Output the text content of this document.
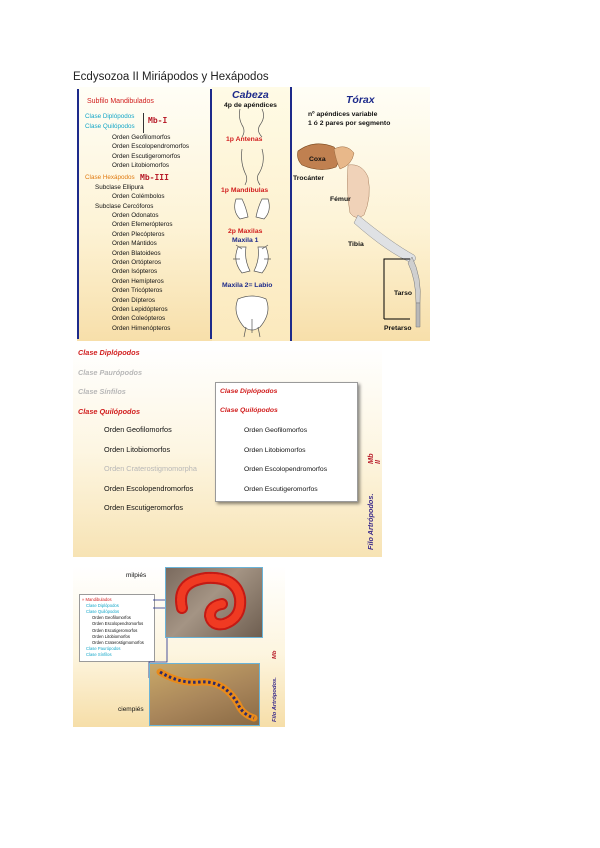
Ecdysozoa II Miriápodos y Hexápodos
Subfilo Mandibulados
Clase Diplópodos
Clase Quilópodos
Mb-I
Orden Geofilomorfos
Orden Escolopendromorfos
Orden Escutigeromorfos
Orden Litobiomorfos
Clase Hexápodos Mb-III
Subclase Ellipura
Orden Colémbolos
Subclase Cercóforos
Orden Odonatos
Orden Efemerópteros
Orden Plecópteros
Orden Mántidos
Orden Blatoideos
Orden Ortópteros
Orden Isópteros
Orden Hemípteros
Orden Tricópteros
Orden Dípteros
Orden Lepidópteros
Orden Coleópteros
Orden Himenópteros
Cabeza
4p de apéndices
1p Antenas
1p Mandíbulas
2p Maxilas
Maxila 1
Maxila 2= Labio
Tórax
nº apéndices variable
1 ó 2 pares por segmento
Coxa
Trocánter
Fémur
Tibia
Tarso
Pretarso
Clase Diplópodos
Clase Paurópodos
Clase Sínfilos
Clase Quilópodos
Orden Geofilomorfos
Orden Litobiomorfos
Orden Craterostigmomorpha
Orden Escolopendromorfos
Orden Escutigeromorfos
Clase Diplópodos
Clase Quilópodos
Orden Geofilomorfos
Orden Litobiomorfos
Orden Escolopendromorfos
Orden Escutigeromorfos
Filo Artrópodos.
Mb
II
milpiés
ciempiés
» Mandibulados
Clase Diplópodos
Clase Quilópodos
Orden Geofilomorfos
Orden Escolopendromorfos
Orden Escutigeromorfos
Orden Litobiomorfos
Orden Craterostigmomorfos
Clase Paurópodos
Clase Sínfilos
Filo Artrópodos.
Mb
